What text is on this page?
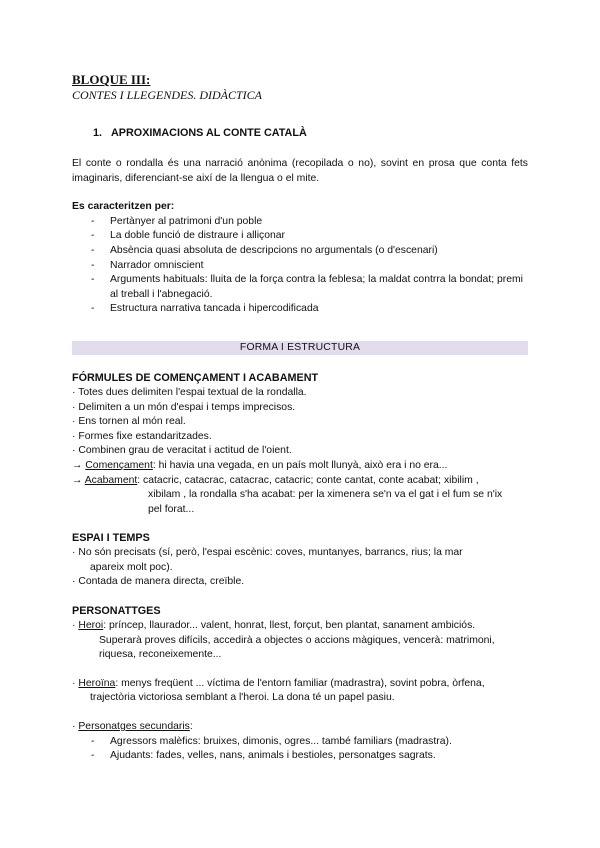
BLOQUE III:
CONTES I LLEGENDES. DIDÀCTICA
1. APROXIMACIONS AL CONTE CATALÀ

El conte o rondalla és una narració anònima (recopilada o no), sovint en prosa que conta fets imaginaris, diferenciant-se així de la llengua o el mite.

Es caracteritzen per:

- Pertànyer al patrimoni d'un poble
- La doble funció de distraure i alliçonar
- Absència quasi absoluta de descripcions no argumentals (o d'escenari)
- Narrador omniscient
- Arguments habituals: lluita de la força contra la feblesa; la maldat contrra la bondat; premi al treball i l'abnegació.
- Estructura narrativa tancada i hipercodificada
FORMA I ESTRUCTURA
FÓRMULES DE COMENÇAMENT I ACABAMENT

· Totes dues delimiten l'espai textual de la rondalla.

· Delimiten a un món d'espai i temps imprecisos.

· Ens tornen al món real.

· Formes fixe estandaritzades.

· Combinen grau de veracitat i actitud de l'oient.

→ Començament: hi havia una vegada, en un país molt llunyà, això era i no era...

→ Acabament: catacric, catacrac, catacrac, catacric; conte cantat, conte acabat; xibilim ,

xibilam , la rondalla s'ha acabat: per la ximenera se'n va el gat i el fum se n'ix

pel forat...

ESPAI I TEMPS

· No són precisats (sí, però, l'espai escènic: coves, muntanyes, barrancs, rius; la mar

apareix molt poc).

· Contada de manera directa, creïble.

PERSONATTGES

· Heroi: príncep, llaurador... valent, honrat, llest, forçut, ben plantat, sanament ambiciós.

Superarà proves difícils, accedirà a objectes o accions màgiques, vencerà: matrimoni,

riquesa, reconeixemente...

· Heroïna: menys freqüent ... víctima de l'entorn familiar (madrastra), sovint pobra, òrfena,

trajectòria victoriosa semblant a l'heroi. La dona té un papel pasiu.

· Personatges secundaris:

- Agressors malèfics: bruixes, dimonis, ogres... també familiars (madrastra).
- Ajudants: fades, velles, nans, animals i bestioles, personatges sagrats.
